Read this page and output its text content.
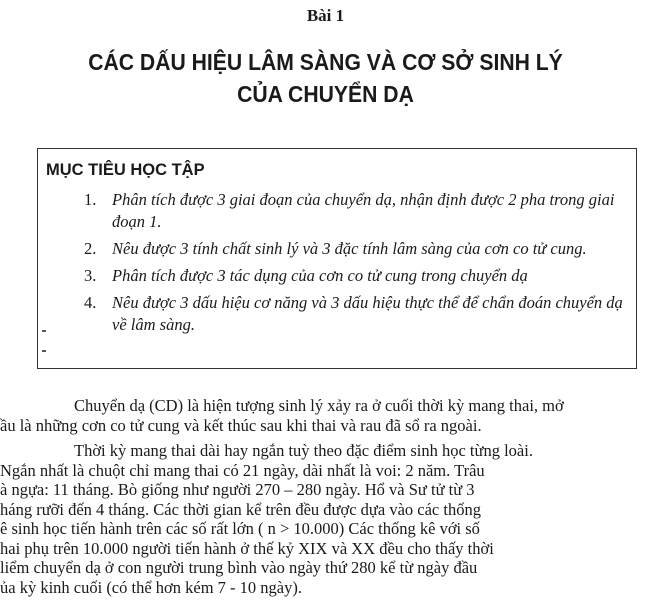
Bài 1
CÁC DẤU HIỆU LÂM SÀNG VÀ CƠ SỞ SINH LÝ
CỦA CHUYỂN DẠ
MỤC TIÊU HỌC TẬP
1. Phân tích được 3 giai đoạn của chuyển dạ, nhận định được 2 pha trong giai đoạn 1.
2. Nêu được 3 tính chất sinh lý và 3 đặc tính lâm sàng của cơn co tử cung.
3. Phân tích được 3 tác dụng của cơn co tử cung trong chuyển dạ
4. Nêu được 3 dấu hiệu cơ năng và 3 dấu hiệu thực thể để chẩn đoán chuyển dạ về lâm sàng.
Chuyển dạ (CD) là hiện tượng sinh lý xảy ra ở cuối thời kỳ mang thai, mở
ầu là những cơn co tử cung và kết thúc sau khi thai và rau đã sổ ra ngoài.
Thời kỳ mang thai dài hay ngắn tuỳ theo đặc điểm sinh học từng loài.
Ngắn nhất là chuột chỉ mang thai có 21 ngày, dài nhất là voi: 2 năm. Trâu
à ngựa: 11 tháng. Bò giống như người 270 – 280 ngày. Hổ và Sư tử từ 3
háng rưỡi đến 4 tháng. Các thời gian kể trên đều được dựa vào các thống
ê sinh học tiến hành trên các số rất lớn ( n > 10.000) Các thống kê với số
hai phụ trên 10.000 người tiến hành ở thế kỷ XIX và XX đều cho thấy thời
liểm chuyển dạ ở con người trung bình vào ngày thứ 280 kể từ ngày đầu
ủa kỳ kinh cuối (có thể hơn kém 7 - 10 ngày).
